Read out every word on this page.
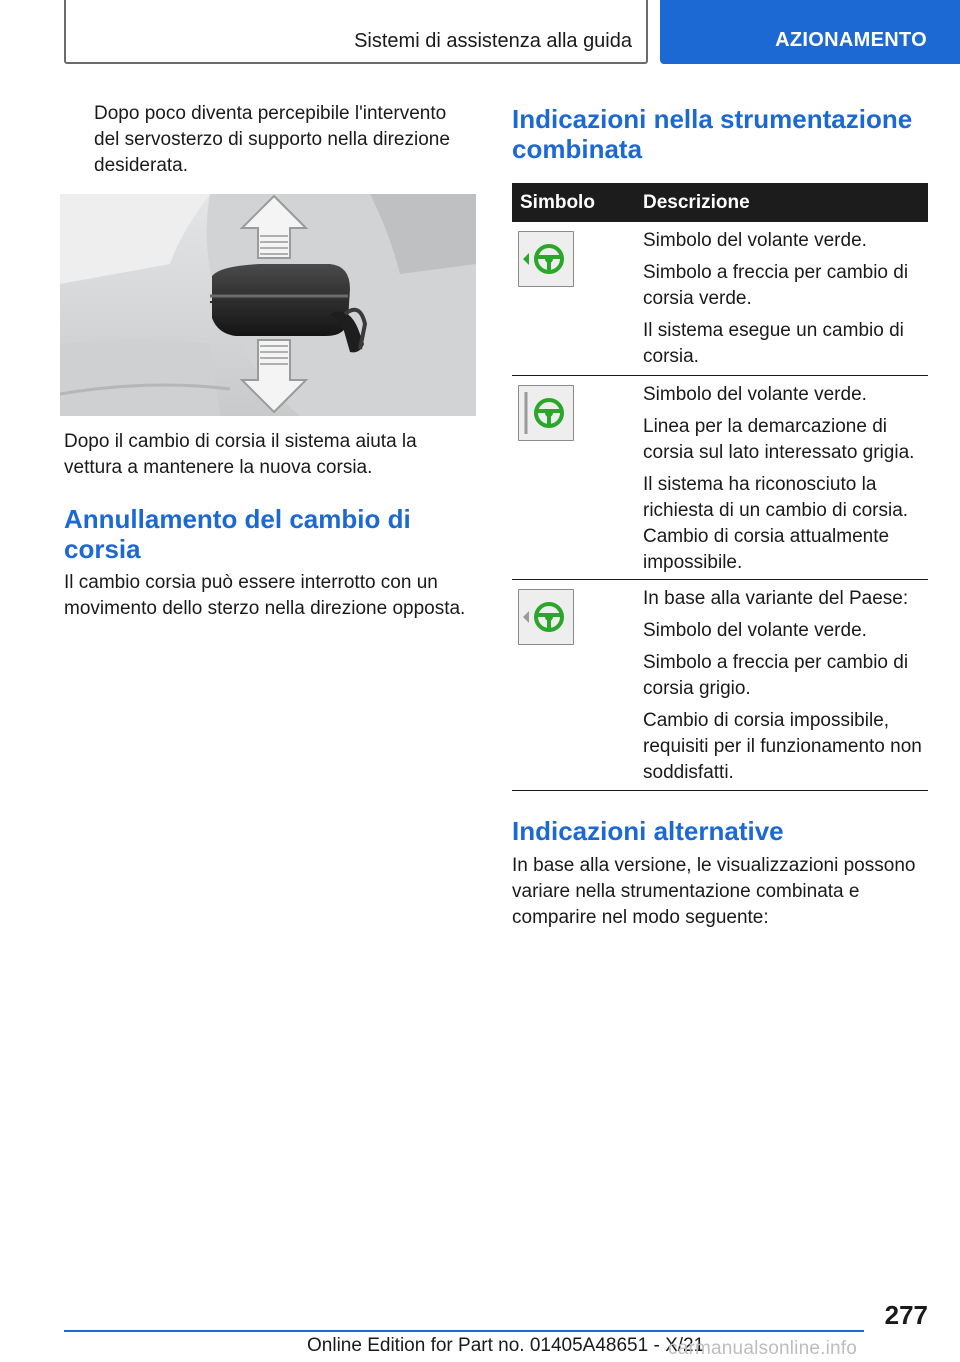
Sistemi di assistenza alla guida	AZIONAMENTO

Dopo poco diventa percepibile l'intervento del servosterzo di supporto nella direzione desiderata.

Dopo il cambio di corsia il sistema aiuta la vettura a mantenere la nuova corsia.

Annullamento del cambio di corsia

Il cambio corsia può essere interrotto con un movimento dello sterzo nella direzione opposta.

Indicazioni nella strumentazione combinata
Simbolo	Descrizione

Simbolo del volante verde.

Simbolo a freccia per cambio di corsia verde.

Il sistema esegue un cambio di corsia.

Simbolo del volante verde.

Linea per la demarcazione di corsia sul lato interessato grigia.

Il sistema ha riconosciuto la richiesta di un cambio di corsia. Cambio di corsia attualmente impossibile.

In base alla variante del Paese:

Simbolo del volante verde.

Simbolo a freccia per cambio di corsia grigio.

Cambio di corsia impossibile, requisiti per il funzionamento non soddisfatti.

Indicazioni alternative

In base alla versione, le visualizzazioni possono variare nella strumentazione combinata e comparire nel modo seguente:

277
Online Edition for Part no. 01405A48651 - X/21
carmanualsonline.info
